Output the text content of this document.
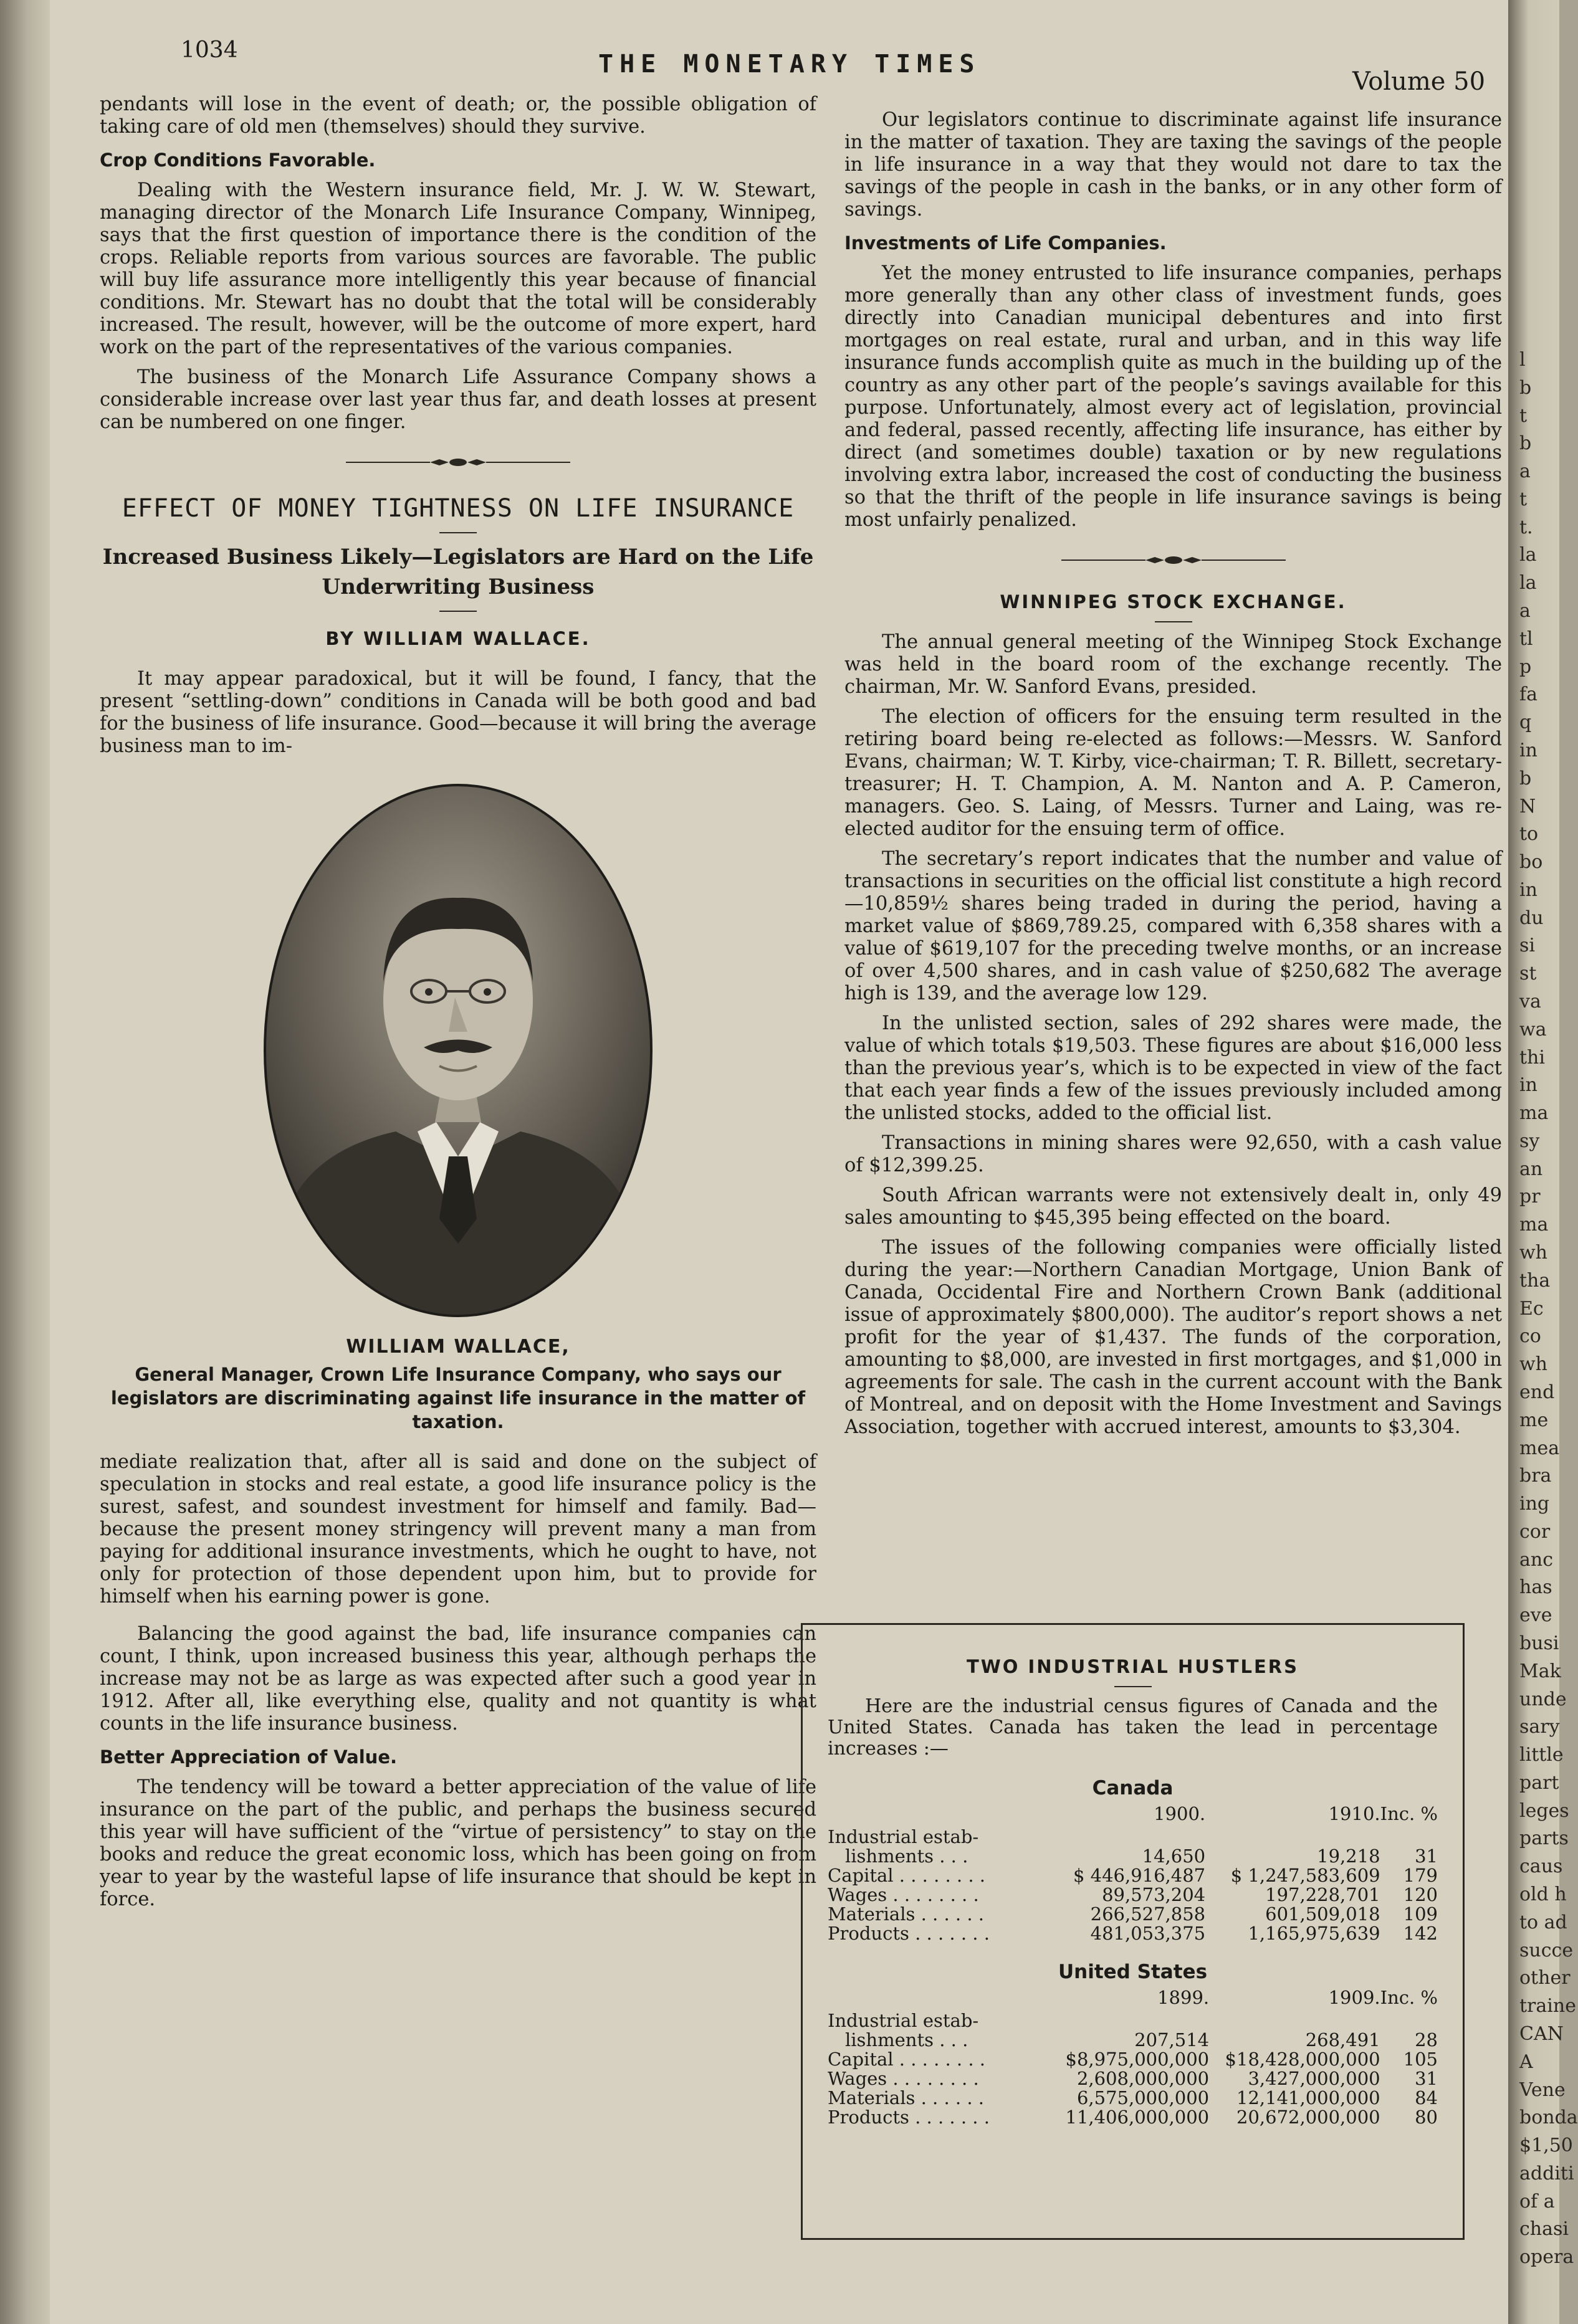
1034	THE MONETARY TIMES
Volume 50

pendants will lose in the event of death; or, the possible obligation of taking care of old men (themselves) should they survive.

Crop Conditions Favorable.

Dealing with the Western insurance field, Mr. J. W. W. Stewart, managing director of the Monarch Life Insurance Company, Winnipeg, says that the first question of importance there is the condition of the crops. Reliable reports from various sources are favorable. The public will buy life assurance more intelligently this year because of financial conditions. Mr. Stewart has no doubt that the total will be considerably increased. The result, however, will be the outcome of more expert, hard work on the part of the representatives of the various companies.

The business of the Monarch Life Assurance Company shows a considerable increase over last year thus far, and death losses at present can be numbered on one finger.

EFFECT OF MONEY TIGHTNESS ON LIFE INSURANCE
Increased Business Likely—Legislators are Hard on the Life Underwriting Business
BY WILLIAM WALLACE.

It may appear paradoxical, but it will be found, I fancy, that the present “settling-down” conditions in Canada will be both good and bad for the business of life insurance. Good—because it will bring the average business man to im-

WILLIAM WALLACE,
General Manager, Crown Life Insurance Company, who says our legislators are discriminating against life insurance in the matter of taxation.

mediate realization that, after all is said and done on the subject of speculation in stocks and real estate, a good life insurance policy is the surest, safest, and soundest investment for himself and family. Bad—because the present money stringency will prevent many a man from paying for additional insurance investments, which he ought to have, not only for protection of those dependent upon him, but to provide for himself when his earning power is gone.

Balancing the good against the bad, life insurance companies can count, I think, upon increased business this year, although perhaps the increase may not be as large as was expected after such a good year in 1912. After all, like everything else, quality and not quantity is what counts in the life insurance business.

Better Appreciation of Value.

The tendency will be toward a better appreciation of the value of life insurance on the part of the public, and perhaps the business secured this year will have sufficient of the “virtue of persistency” to stay on the books and reduce the great economic loss, which has been going on from year to year by the wasteful lapse of life insurance that should be kept in force.

Our legislators continue to discriminate against life insurance in the matter of taxation. They are taxing the savings of the people in life insurance in a way that they would not dare to tax the savings of the people in cash in the banks, or in any other form of savings.

Investments of Life Companies.

Yet the money entrusted to life insurance companies, perhaps more generally than any other class of investment funds, goes directly into Canadian municipal debentures and into first mortgages on real estate, rural and urban, and in this way life insurance funds accomplish quite as much in the building up of the country as any other part of the people’s savings available for this purpose. Unfortunately, almost every act of legislation, provincial and federal, passed recently, affecting life insurance, has either by direct (and sometimes double) taxation or by new regulations involving extra labor, increased the cost of conducting the business so that the thrift of the people in life insurance savings is being most unfairly penalized.

WINNIPEG STOCK EXCHANGE.

The annual general meeting of the Winnipeg Stock Exchange was held in the board room of the exchange recently. The chairman, Mr. W. Sanford Evans, presided.

The election of officers for the ensuing term resulted in the retiring board being re-elected as follows:—Messrs. W. Sanford Evans, chairman; W. T. Kirby, vice-chairman; T. R. Billett, secretary-treasurer; H. T. Champion, A. M. Nanton and A. P. Cameron, managers. Geo. S. Laing, of Messrs. Turner and Laing, was re-elected auditor for the ensuing term of office.

The secretary’s report indicates that the number and value of transactions in securities on the official list constitute a high record—10,859½ shares being traded in during the period, having a market value of $869,789.25, compared with 6,358 shares with a value of $619,107 for the preceding twelve months, or an increase of over 4,500 shares, and in cash value of $250,682 The average high is 139, and the average low 129.

In the unlisted section, sales of 292 shares were made, the value of which totals $19,503. These figures are about $16,000 less than the previous year’s, which is to be expected in view of the fact that each year finds a few of the issues previously included among the unlisted stocks, added to the official list.

Transactions in mining shares were 92,650, with a cash value of $12,399.25.

South African warrants were not extensively dealt in, only 49 sales amounting to $45,395 being effected on the board.

The issues of the following companies were officially listed during the year:—Northern Canadian Mortgage, Union Bank of Canada, Occidental Fire and Northern Crown Bank (additional issue of approximately $800,000). The auditor’s report shows a net profit for the year of $1,437. The funds of the corporation, amounting to $8,000, are invested in first mortgages, and $1,000 in agreements for sale. The cash in the current account with the Bank of Montreal, and on deposit with the Home Investment and Savings Association, together with accrued interest, amounts to $3,304.

TWO INDUSTRIAL HUSTLERS

Here are the industrial census figures of Canada and the United States. Canada has taken the lead in percentage increases :—

Canada
	1900.	1910.	Inc. %
Industrial estab-			
lishments . . .	14,650	19,218	31
Capital . . . . . . . .	$ 446,916,487	$ 1,247,583,609	179
Wages . . . . . . . .	89,573,204	197,228,701	120
Materials . . . . . .	266,527,858	601,509,018	109
Products . . . . . . .	481,053,375	1,165,975,639	142
United States
	1899.	1909.	Inc. %
Industrial estab-			
lishments . . .	207,514	268,491	28
Capital . . . . . . . .	$8,975,000,000	$18,428,000,000	105
Wages . . . . . . . .	2,608,000,000	3,427,000,000	31
Materials . . . . . .	6,575,000,000	12,141,000,000	84
Products . . . . . . .	11,406,000,000	20,672,000,000	80
l
b
t
b
a
t
t.
la
la
a
tl
p
fa
q
in
b
N
to
bo
in
du
si
st
va
wa
thi
in
ma
sy
an
pr
ma
wh
tha
Ec
co
wh
end
me
mea
bra
ing
cor
anc
has
eve
busi
Mak
unde
sary
little
part
leges
parts
caus
old h
to ad
succe
other
traine
CAN
A
Vene
bonda
$1,50
additi
of a
chasi
opera
